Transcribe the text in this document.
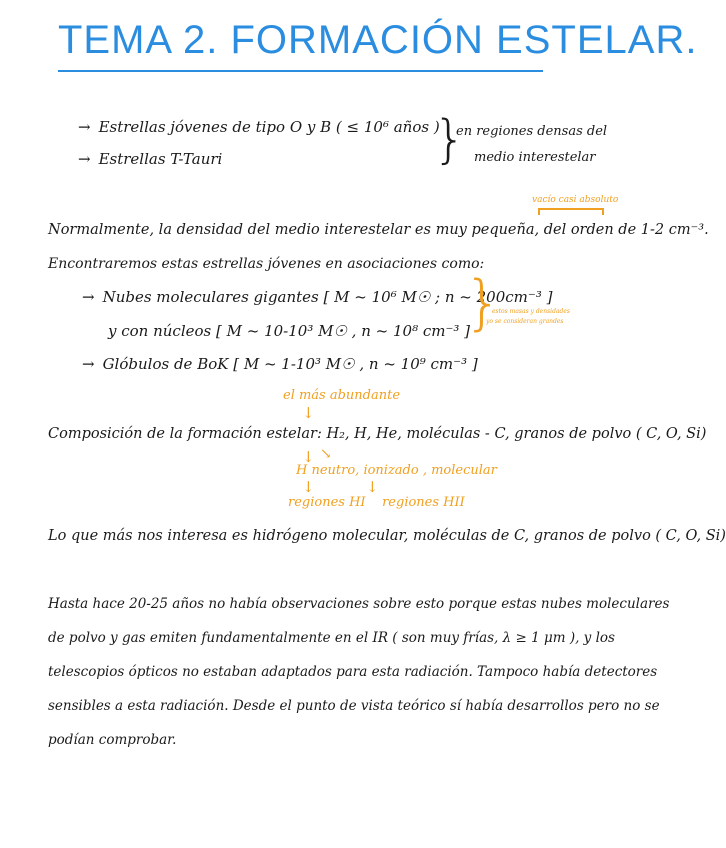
TEMA 2. FORMACIÓN ESTELAR.
→ Estrellas jóvenes de tipo O y B ( ≤ 10⁶ años )
→ Estrellas T-Tauri	}
en regiones densas del
medio interestelar
vacío casi absoluto
Normalmente, la densidad del medio interestelar es muy pequeña, del orden de 1-2 cm⁻³.
Encontraremos estas estrellas jóvenes en asociaciones como:
→ Nubes moleculares gigantes [ M ~ 10⁶ M☉ ; n ~ 200cm⁻³ ]
y con núcleos [ M ~ 10-10³ M☉ , n ~ 10⁸ cm⁻³ ]
→ Glóbulos de BoK [ M ~ 1-10³ M☉ , n ~ 10⁹ cm⁻³ ]
}
estos masas y densidades
yo se consideran grandes
el más abundante
↓
Composición de la formación estelar: H₂, H, He, moléculas - C, granos de polvo ( C, O, Si)
↓ ↘
H neutro, ionizado , molecular
↓	↓
regiones HI    regiones HII
Lo que más nos interesa es hidrógeno molecular, moléculas de C, granos de polvo ( C, O, Si)
Hasta hace 20-25 años no había observaciones sobre esto porque estas nubes moleculares
de polvo y gas emiten fundamentalmente en el IR ( son muy frías, λ ≥ 1 μm ), y los
telescopios ópticos no estaban adaptados para esta radiación. Tampoco había detectores
sensibles a esta radiación. Desde el punto de vista teórico sí había desarrollos pero no se
podían comprobar.
